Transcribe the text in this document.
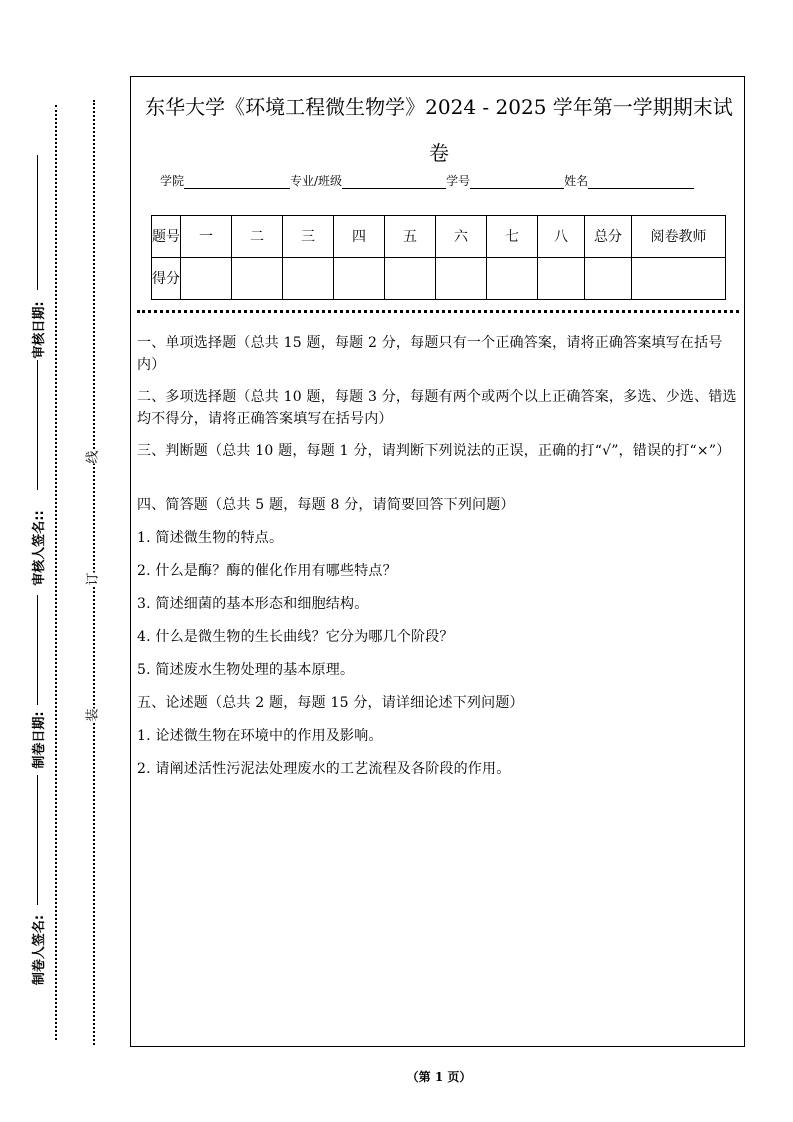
审核日期:
审核人签名::
制卷日期:
制卷人签名:
线
订
装
东华大学《环境工程微生物学》2024 - 2025 学年第一学期期末试卷
学院	专业/班级	学号	姓名
题号	一	二	三	四	五	六	七	八	总分	阅卷教师
得分										

一、单项选择题（总共 15 题，每题 2 分，每题只有一个正确答案，请将正确答案填写在括号内）

二、多项选择题（总共 10 题，每题 3 分，每题有两个或两个以上正确答案，多选、少选、错选均不得分，请将正确答案填写在括号内）

三、判断题（总共 10 题，每题 1 分，请判断下列说法的正误，正确的打“√”，错误的打“×”）

四、简答题（总共 5 题，每题 8 分，请简要回答下列问题）

1. 简述微生物的特点。

2. 什么是酶？酶的催化作用有哪些特点？

3. 简述细菌的基本形态和细胞结构。

4. 什么是微生物的生长曲线？它分为哪几个阶段？

5. 简述废水生物处理的基本原理。

五、论述题（总共 2 题，每题 15 分，请详细论述下列问题）

1. 论述微生物在环境中的作用及影响。

2. 请阐述活性污泥法处理废水的工艺流程及各阶段的作用。

（第 1 页）
